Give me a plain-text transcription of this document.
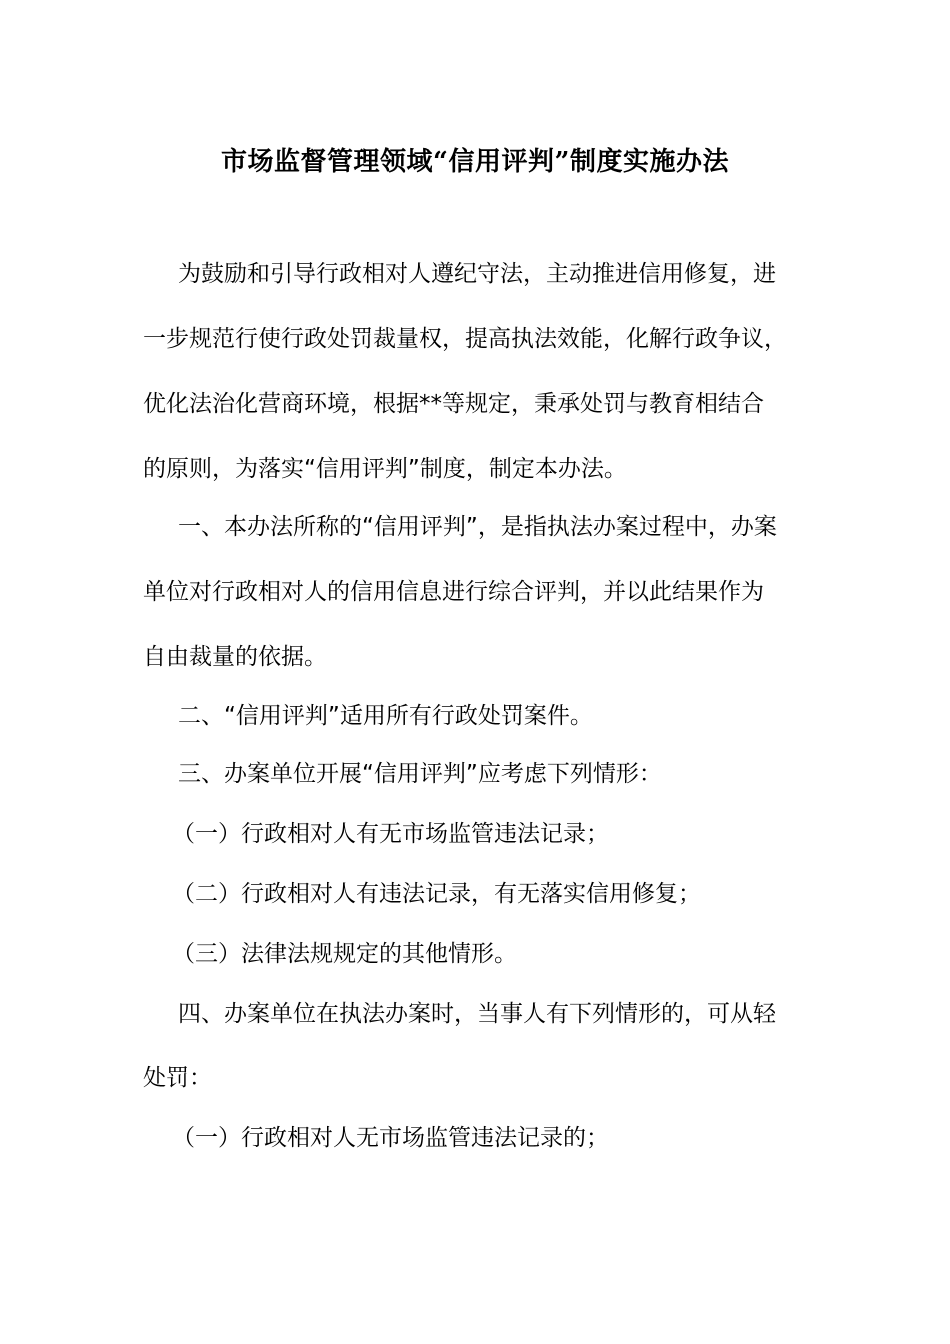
市场监督管理领域“信用评判”制度实施办法
为鼓励和引导行政相对人遵纪守法，主动推进信用修复，进
一步规范行使行政处罚裁量权，提高执法效能，化解行政争议，
优化法治化营商环境，根据**等规定，秉承处罚与教育相结合
的原则，为落实“信用评判”制度，制定本办法。
一、本办法所称的“信用评判”，是指执法办案过程中，办案
单位对行政相对人的信用信息进行综合评判，并以此结果作为
自由裁量的依据。
二、“信用评判”适用所有行政处罚案件。
三、办案单位开展“信用评判”应考虑下列情形：
（一）行政相对人有无市场监管违法记录；
（二）行政相对人有违法记录，有无落实信用修复；
（三）法律法规规定的其他情形。
四、办案单位在执法办案时，当事人有下列情形的，可从轻
处罚：
（一）行政相对人无市场监管违法记录的；
